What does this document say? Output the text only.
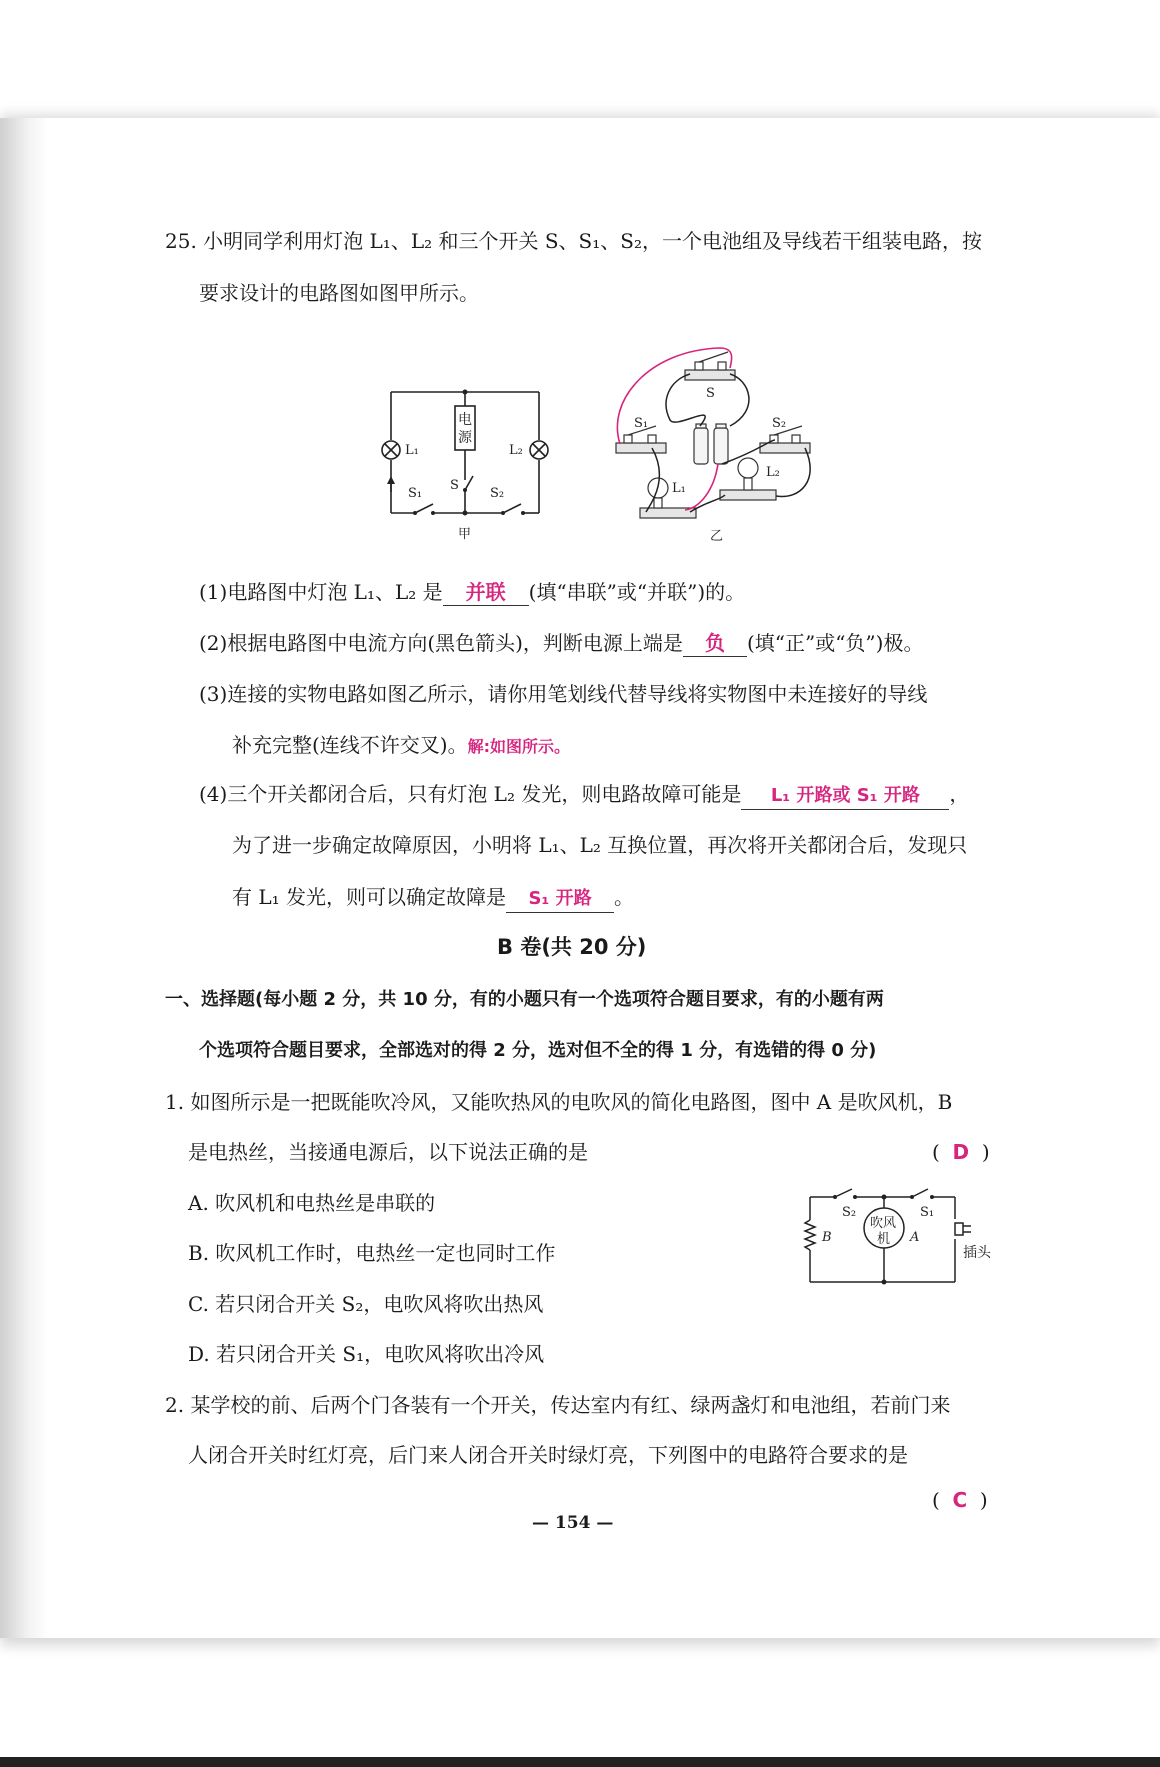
25. 小明同学利用灯泡 L₁、L₂ 和三个开关 S、S₁、S₂，一个电池组及导线若干组装电路，按
要求设计的电路图如图甲所示。
电
源
L₁	L₂
S
S₁	S₂
甲
S
S₁	S₂
L₁
L₂
乙
(1)电路图中灯泡 L₁、L₂ 是 并联 (填“串联”或“并联”)的。
(2)根据电路图中电流方向(黑色箭头)，判断电源上端是 负 (填“正”或“负”)极。
(3)连接的实物电路如图乙所示，请你用笔划线代替导线将实物图中未连接好的导线
补充完整(连线不许交叉)。解:如图所示。
(4)三个开关都闭合后，只有灯泡 L₂ 发光，则电路故障可能是 L₁ 开路或 S₁ 开路 ，
为了进一步确定故障原因，小明将 L₁、L₂ 互换位置，再次将开关都闭合后，发现只
有 L₁ 发光，则可以确定故障是 S₁ 开路 。
B 卷(共 20 分)
一、选择题(每小题 2 分，共 10 分，有的小题只有一个选项符合题目要求，有的小题有两
个选项符合题目要求，全部选对的得 2 分，选对但不全的得 1 分，有选错的得 0 分)
1. 如图所示是一把既能吹冷风，又能吹热风的电吹风的简化电路图，图中 A 是吹风机，B
是电热丝，当接通电源后，以下说法正确的是	(  D  )
A. 吹风机和电热丝是串联的
B. 吹风机工作时，电热丝一定也同时工作
C. 若只闭合开关 S₂，电吹风将吹出热风
D. 若只闭合开关 S₁，电吹风将吹出冷风
S₂	S₁
B	A
吹风
机
插头
2. 某学校的前、后两个门各装有一个开关，传达室内有红、绿两盏灯和电池组，若前门来
人闭合开关时红灯亮，后门来人闭合开关时绿灯亮，下列图中的电路符合要求的是
(  C  )
— 154 —
